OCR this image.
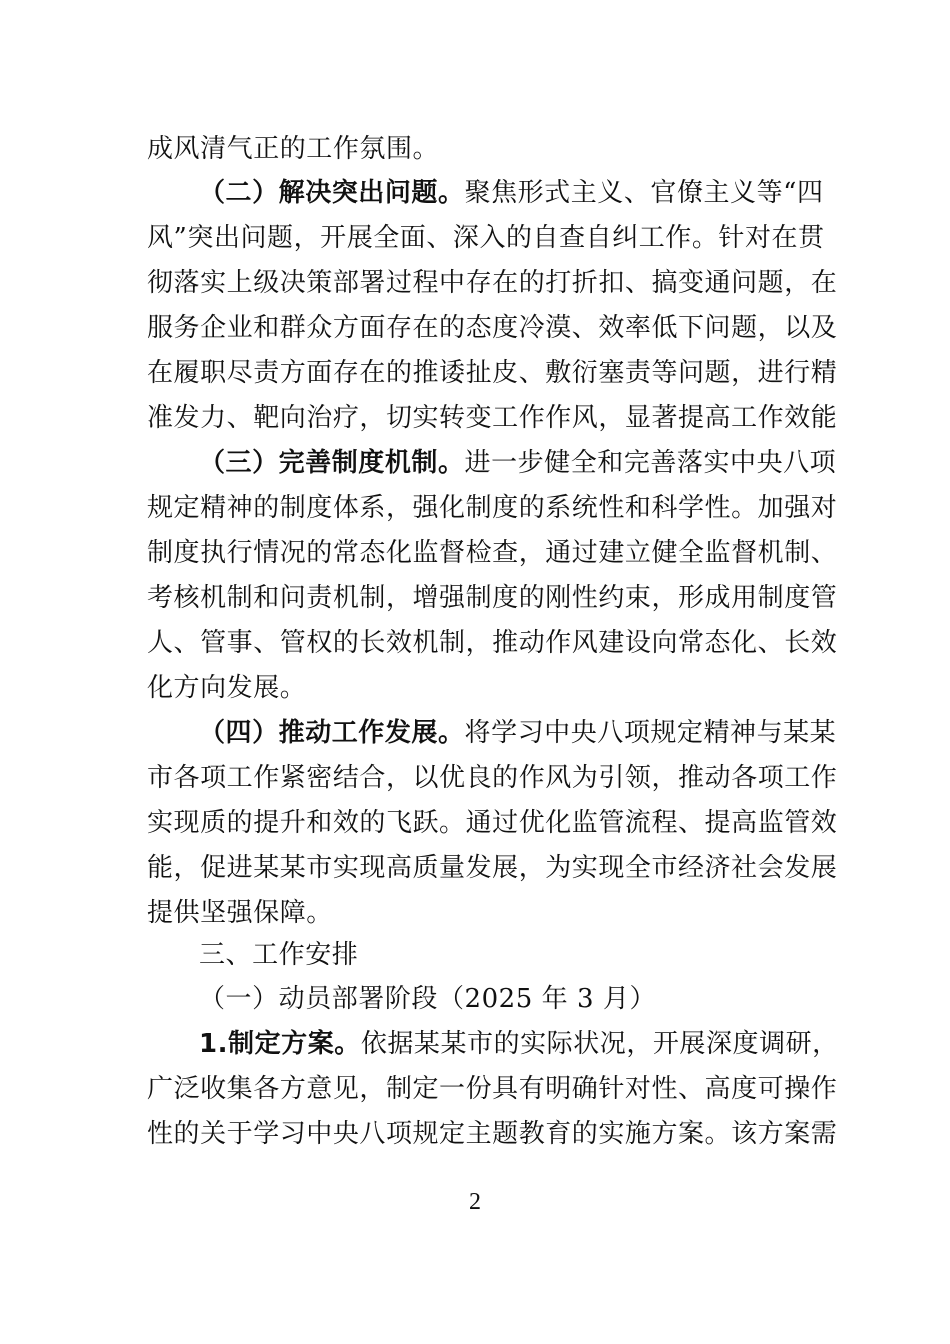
成风清气正的工作氛围。
（二）解决突出问题。聚焦形式主义、官僚主义等“四
风”突出问题，开展全面、深入的自查自纠工作。针对在贯
彻落实上级决策部署过程中存在的打折扣、搞变通问题，在
服务企业和群众方面存在的态度冷漠、效率低下问题，以及
在履职尽责方面存在的推诿扯皮、敷衍塞责等问题，进行精
准发力、靶向治疗，切实转变工作作风，显著提高工作效能
（三）完善制度机制。进一步健全和完善落实中央八项
规定精神的制度体系，强化制度的系统性和科学性。加强对
制度执行情况的常态化监督检查，通过建立健全监督机制、
考核机制和问责机制，增强制度的刚性约束，形成用制度管
人、管事、管权的长效机制，推动作风建设向常态化、长效
化方向发展。
（四）推动工作发展。将学习中央八项规定精神与某某
市各项工作紧密结合，以优良的作风为引领，推动各项工作
实现质的提升和效的飞跃。通过优化监管流程、提高监管效
能，促进某某市实现高质量发展，为实现全市经济社会发展
提供坚强保障。
三、工作安排
（一）动员部署阶段（2025 年 3 月）
1.制定方案。依据某某市的实际状况，开展深度调研，
广泛收集各方意见，制定一份具有明确针对性、高度可操作
性的关于学习中央八项规定主题教育的实施方案。该方案需
2
